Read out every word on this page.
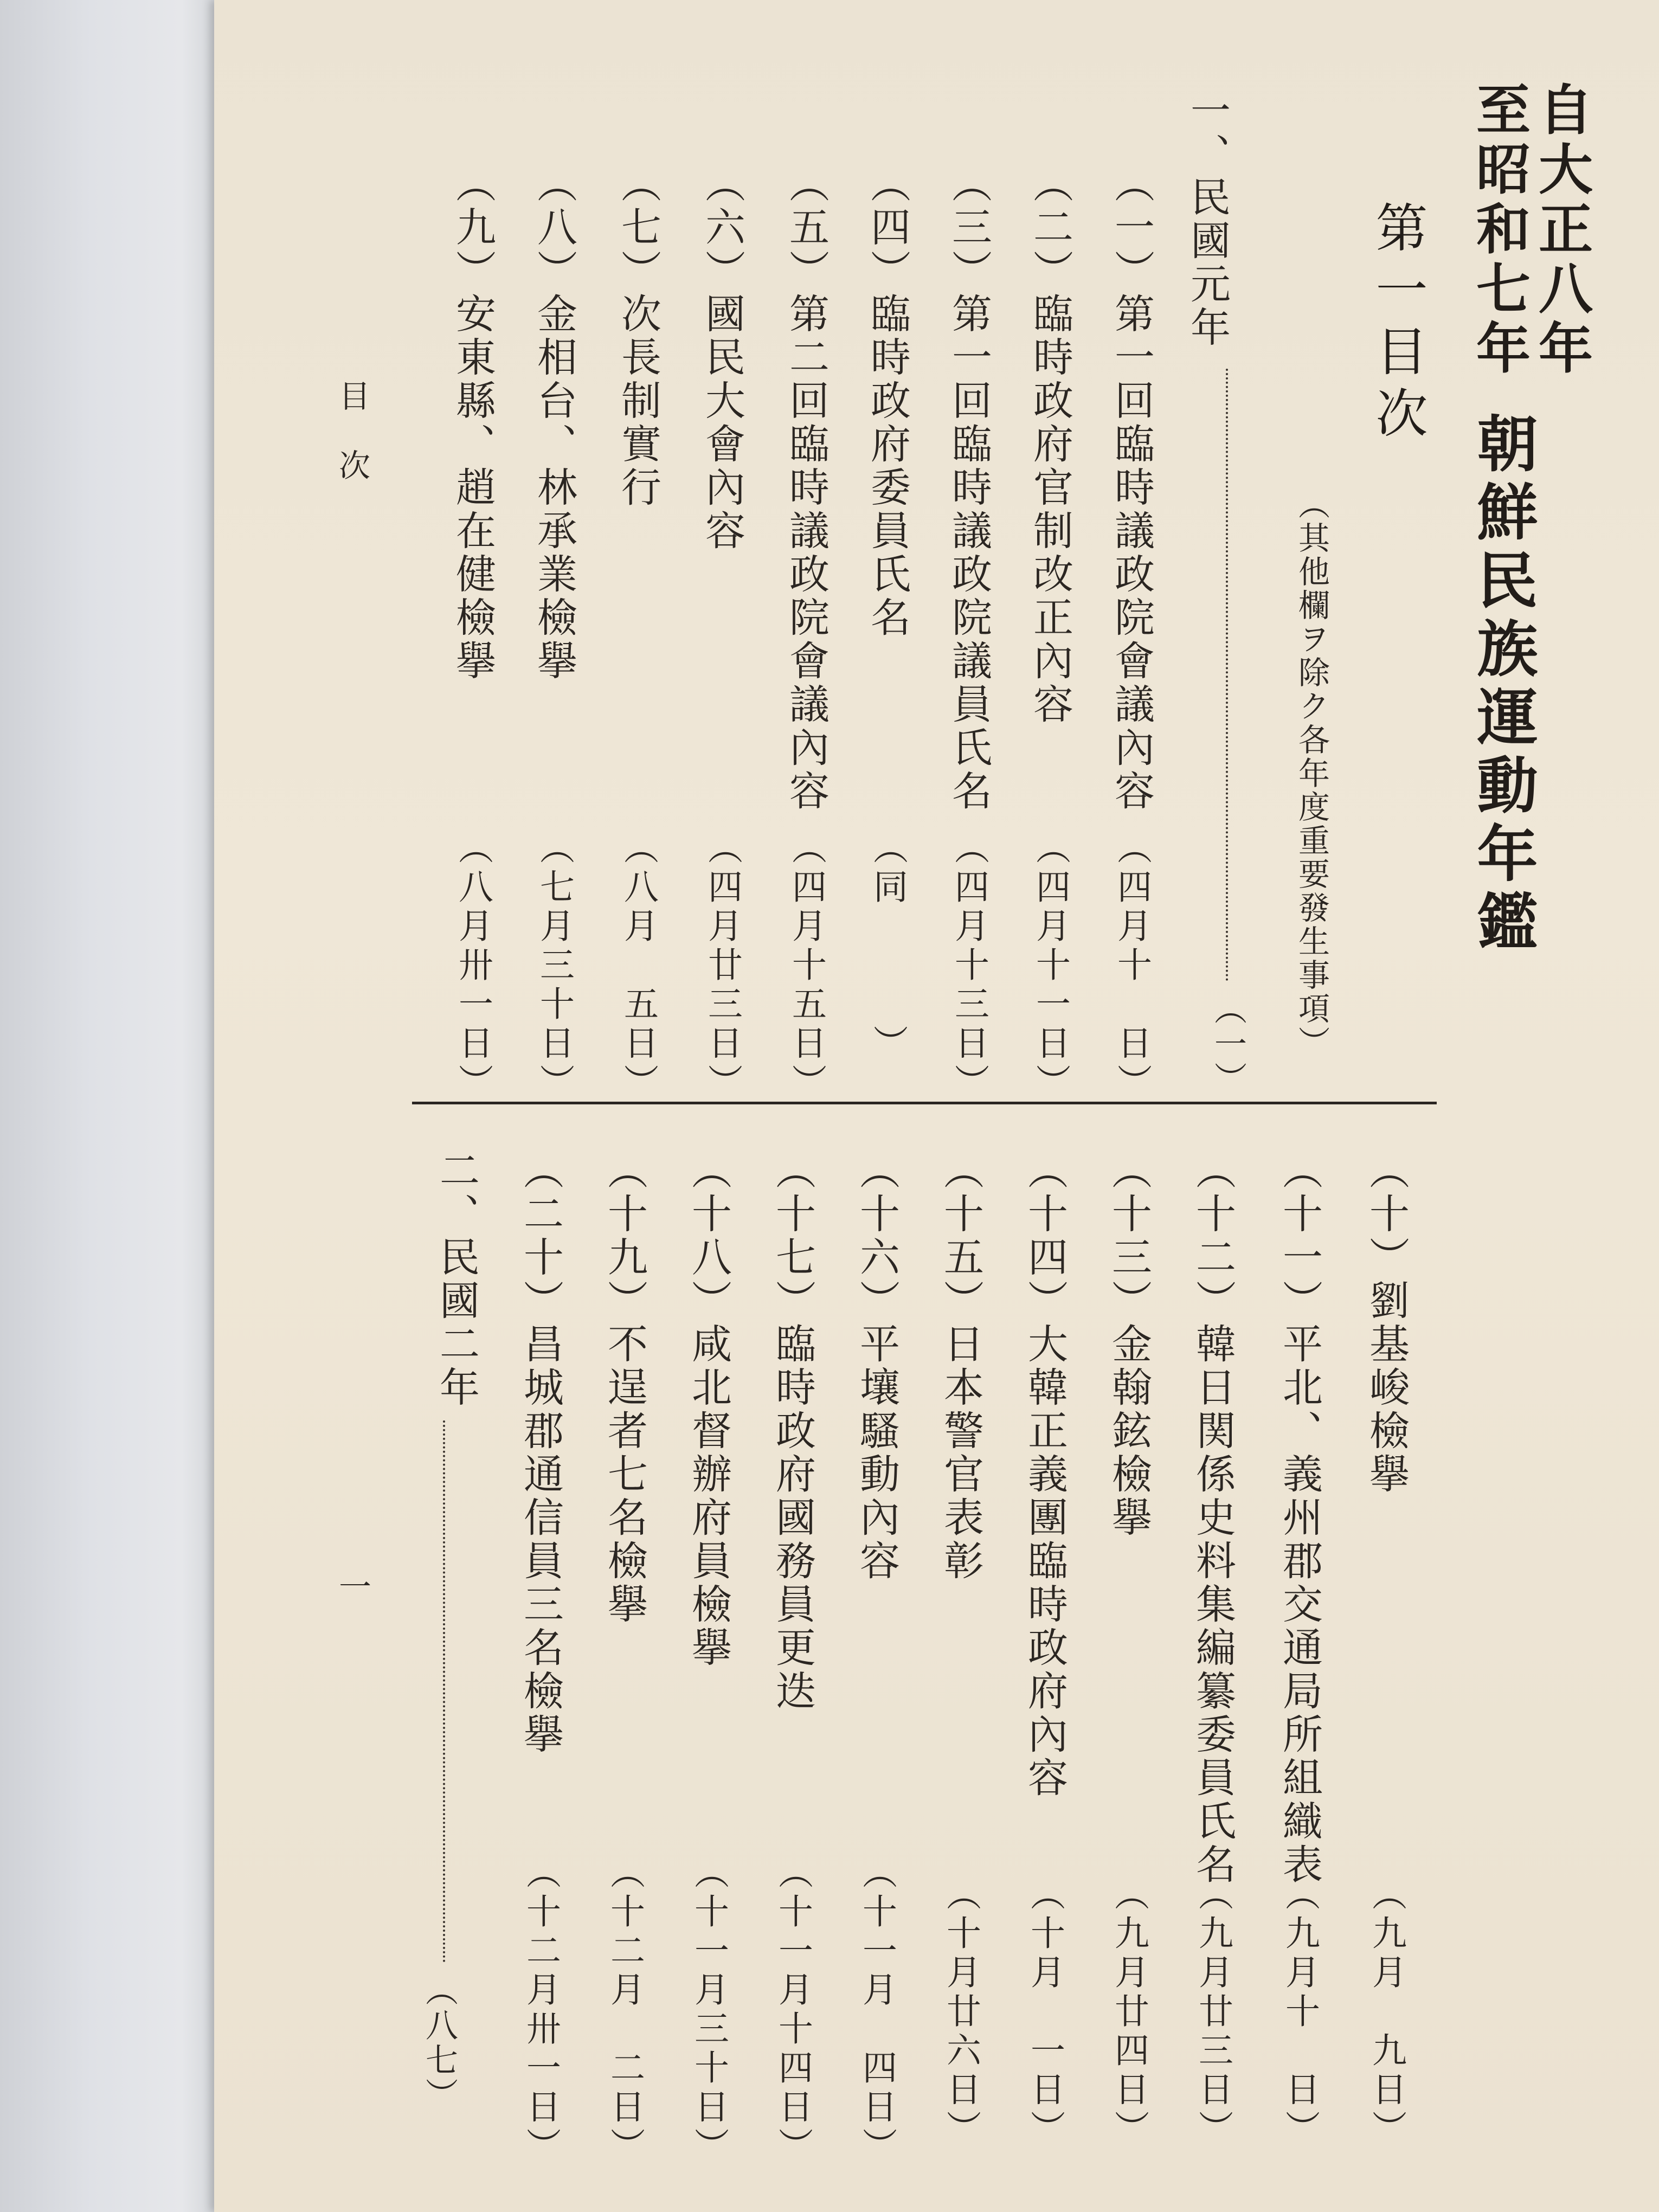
自大正八年
至昭和七年
朝鮮民族運動年鑑
第一目次
（其他欄ヲ除ク各年度重要發生事項）
一、民國元年
（一）
（一）第一回臨時議政院會議內容
（四月十　日）
（二）臨時政府官制改正內容
（四月十一日）
（三）第一回臨時議政院議員氏名
（四月十三日）
（四）臨時政府委員氏名
（同　　　）
（五）第二回臨時議政院會議內容
（四月十五日）
（六）國民大會內容
（四月廿三日）
（七）次長制實行
（八月　五日）
（八）金相台、林承業檢擧
（七月三十日）
（九）安東縣、趙在健檢擧
（八月卅一日）
目次
（十）劉基峻檢擧
（九月　九日）
（十一）平北、義州郡交通局所組織表
（九月十　日）
（十二）韓日関係史料集編纂委員氏名
（九月廿三日）
（十三）金翰鉉檢擧
（九月廿四日）
（十四）大韓正義團臨時政府內容
（十月　一日）
（十五）日本警官表彰
（十月廿六日）
（十六）平壤騷動內容
（十一月　四日）
（十七）臨時政府國務員更迭
（十一月十四日）
（十八）咸北督辦府員檢擧
（十一月三十日）
（十九）不逞者七名檢擧
（十二月　二日）
（二十）昌城郡通信員三名檢擧
（十二月卅一日）
二、民國二年
（八七）
一
